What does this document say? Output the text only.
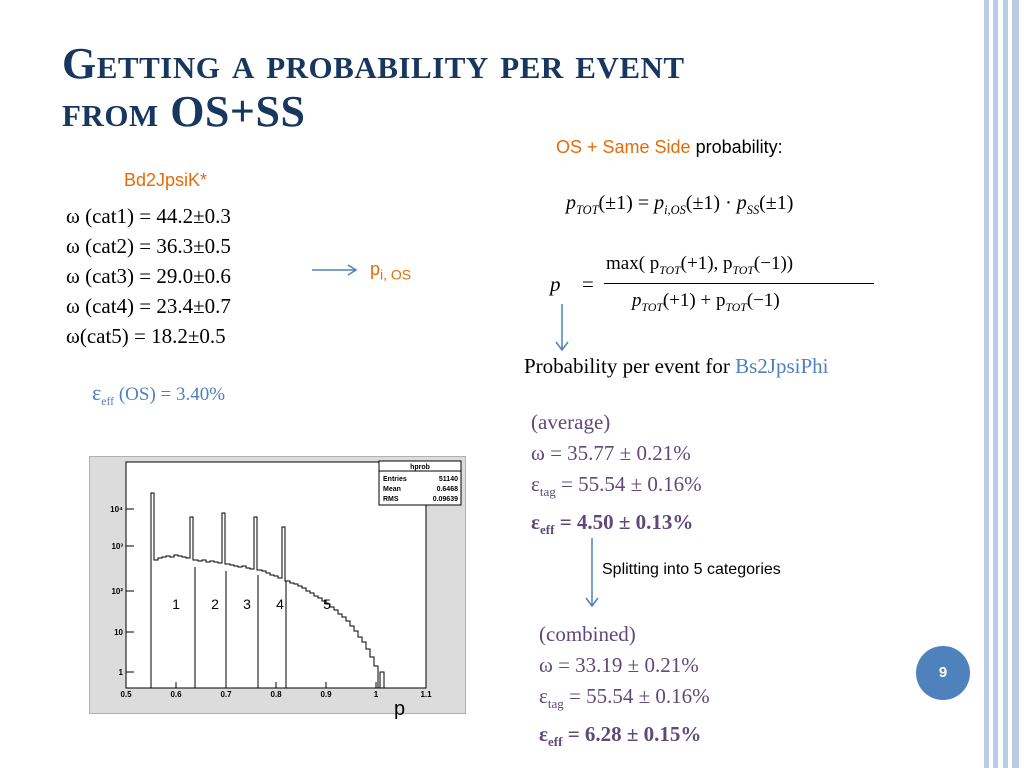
Getting a probability per event
from OS+SS
Bd2JpsiK*
ω (cat1) = 44.2±0.3
ω (cat2) = 36.3±0.5
ω (cat3) = 29.0±0.6
ω (cat4) = 23.4±0.7
ω(cat5) = 18.2±0.5
$\varepsilon_{eff}$ (OS) = 3.40%
$p_{i, OS}$
OS + Same Side probability:
$p_{TOT}(\pm 1) = p_{i,OS}(\pm 1) \cdot p_{SS}(\pm 1)$
p =
max( $p_{TOT}(+1)$, $p_{TOT}(-1)$)
$p_{TOT}(+1) + p_{TOT}(-1)$
Probability per event for Bs2JpsiPhi
(average)
ω = 35.77 ± 0.21%
$\varepsilon_{tag} = 55.54 \pm 0.16\%$
$\varepsilon_{eff} = 4.50 \pm 0.13\%$
Splitting into 5 categories
(combined)
ω = 33.19 ± 0.21%
$\varepsilon_{tag} = 55.54 \pm 0.16\%$
$\varepsilon_{eff} = 6.28 \pm 0.15\%$
10⁴
10³
10²
10
1
0.5	0.6	0.7	0.8	0.9	1	1.1
hprob
Entries	51140
Mean	0.6468
RMS	0.09639
1 2 3 4	5
p
9
